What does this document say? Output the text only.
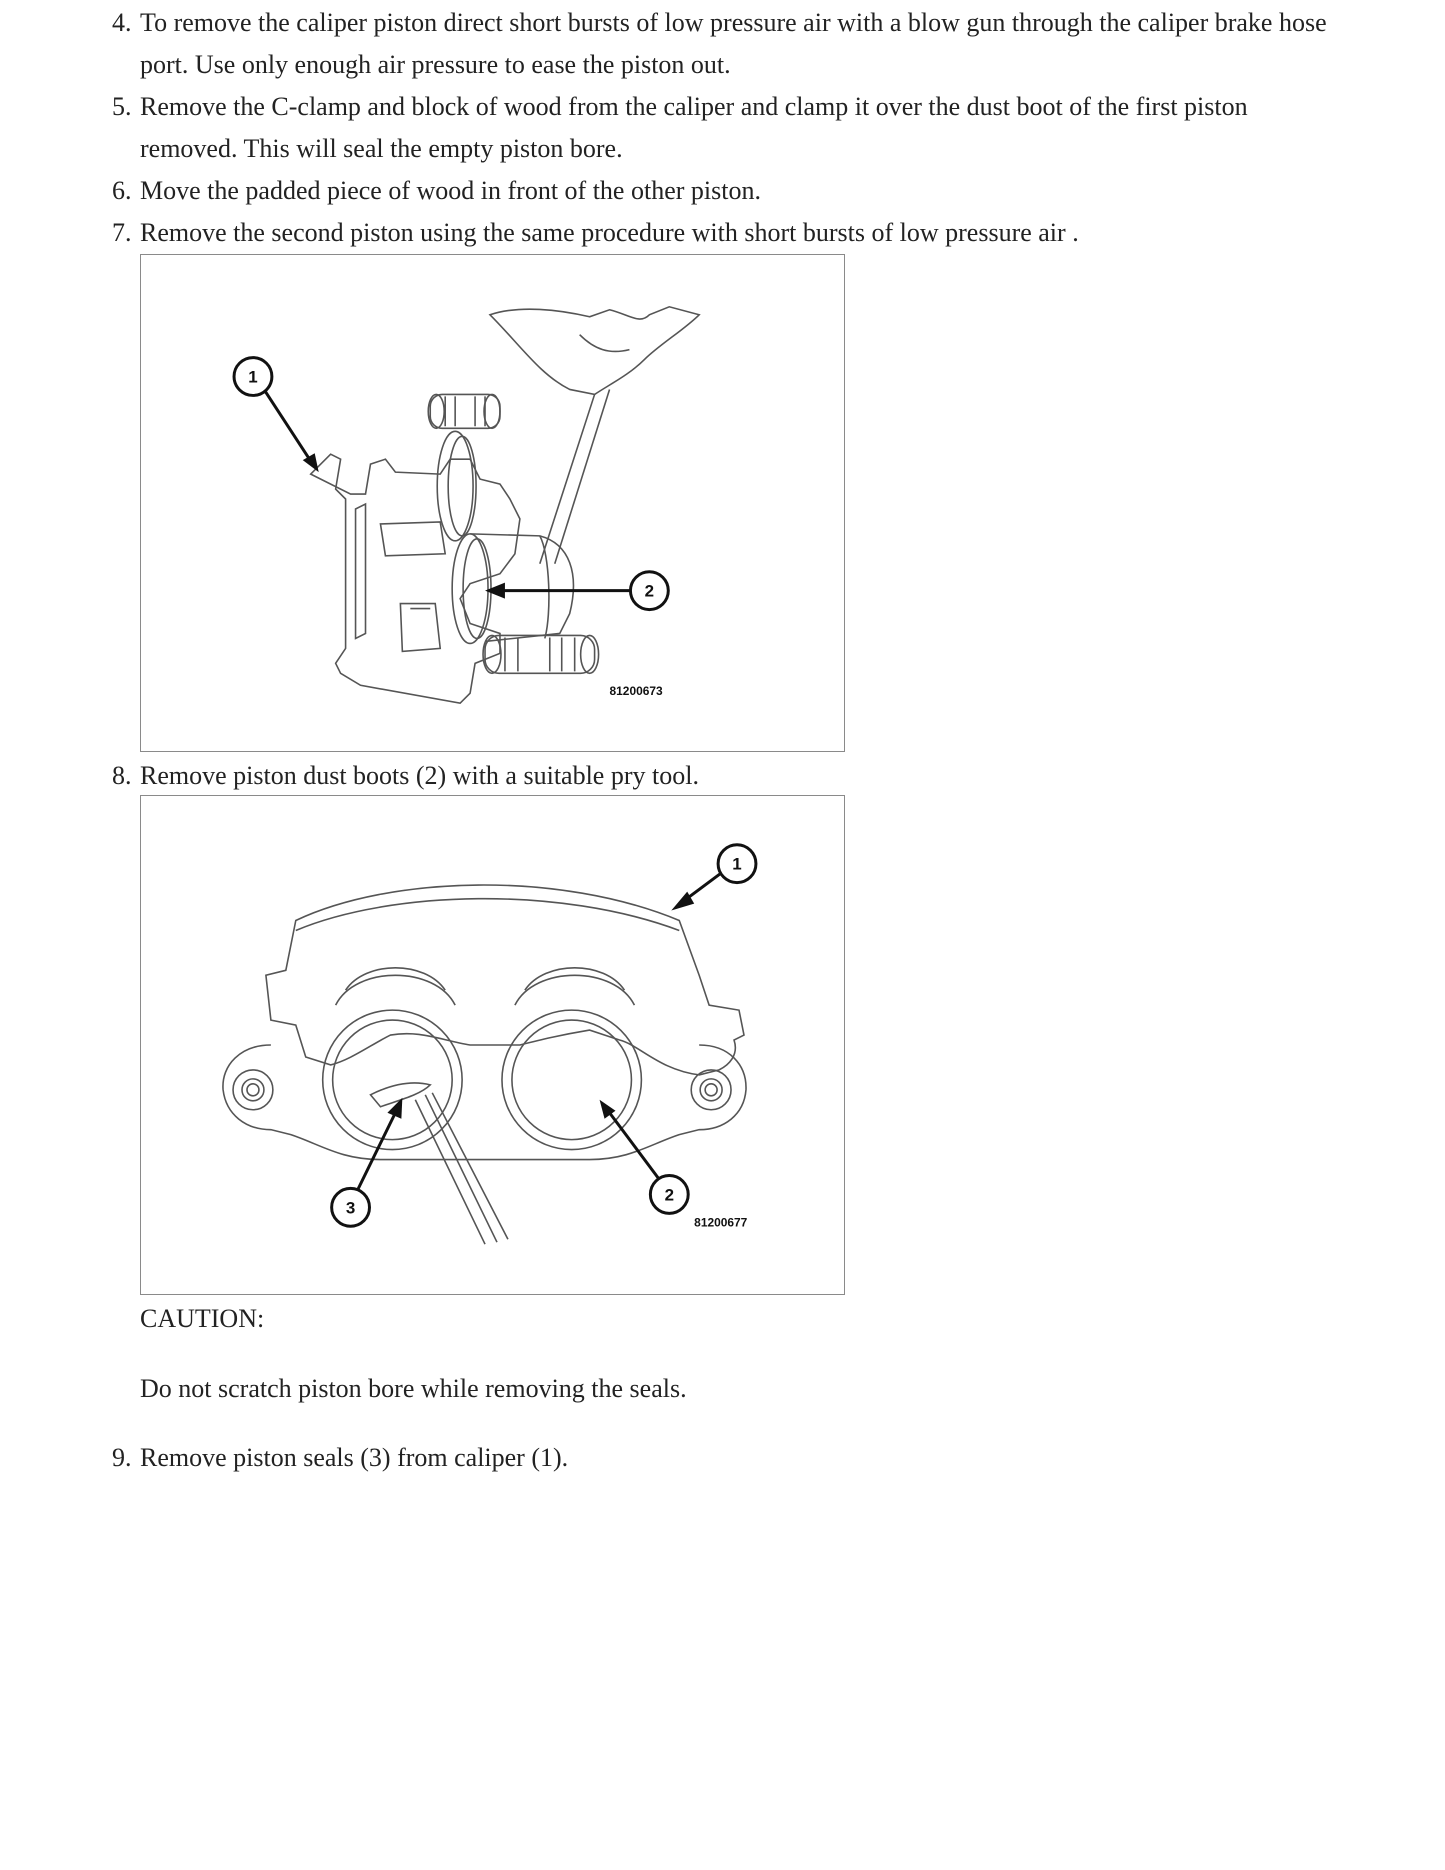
4. To remove the caliper piston direct short bursts of low pressure air with a blow gun through the caliper brake hose port. Use only enough air pressure to ease the piston out.
5. Remove the C-clamp and block of wood from the caliper and clamp it over the dust boot of the first piston removed. This will seal the empty piston bore.
6. Move the padded piece of wood in front of the other piston.
7. Remove the second piston using the same procedure with short bursts of low pressure air .
1
2
81200673
8. Remove piston dust boots (2) with a suitable pry tool.
1
2
3
81200677

CAUTION:

Do not scratch piston bore while removing the seals.

9. Remove piston seals (3) from caliper (1).
